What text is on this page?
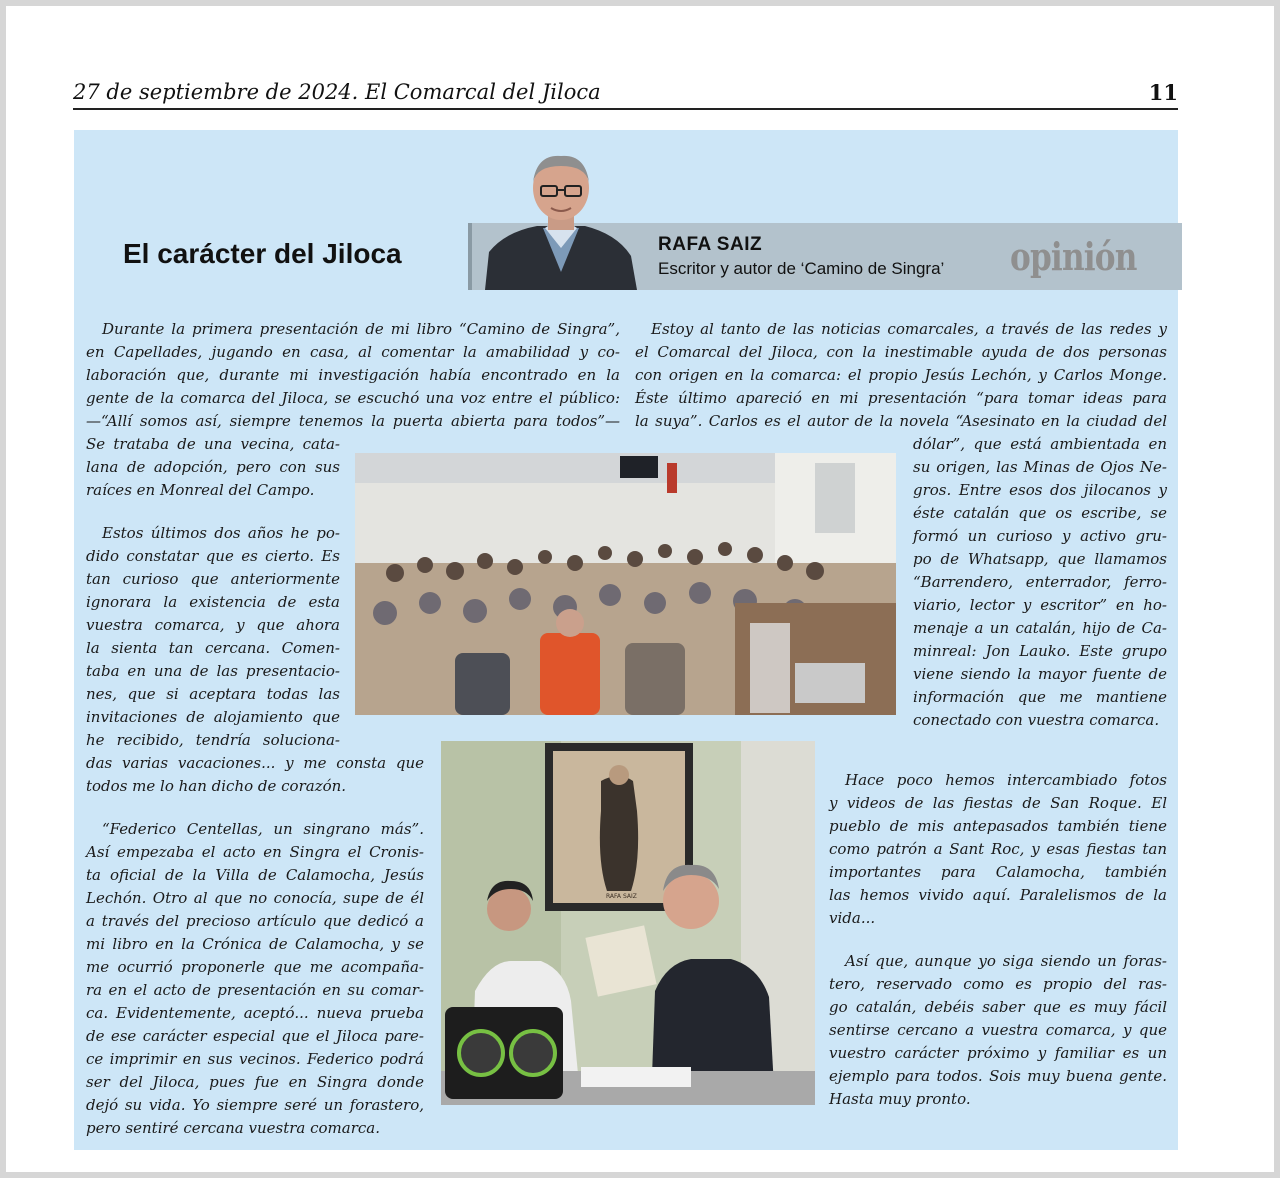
27 de septiembre de 2024. El Comarcal del Jiloca	11
El carácter del Jiloca	RAFA SAIZ
Escritor y autor de ‘Camino de Singra’ opinión
RAFA SAIZ
Durante la primera presentación de mi libro “Camino de Singra”,
en Capellades, jugando en casa, al comentar la amabilidad y co-
laboración que, durante mi investigación había encontrado en la
gente de la comarca del Jiloca, se escuchó una voz entre el público:
—“Allí somos así, siempre tenemos la puerta abierta para todos”—
Se trataba de una vecina, cata-
lana de adopción, pero con sus
raíces en Monreal del Campo.
Estos últimos dos años he po-
dido constatar que es cierto. Es
tan curioso que anteriormente
ignorara la existencia de esta
vuestra comarca, y que ahora
la sienta tan cercana. Comen-
taba en una de las presentacio-
nes, que si aceptara todas las
invitaciones de alojamiento que
he recibido, tendría soluciona-
das varias vacaciones... y me consta que
todos me lo han dicho de corazón.
“Federico Centellas, un singrano más”.
Así empezaba el acto en Singra el Cronis-
ta oficial de la Villa de Calamocha, Jesús
Lechón. Otro al que no conocía, supe de él
a través del precioso artículo que dedicó a
mi libro en la Crónica de Calamocha, y se
me ocurrió proponerle que me acompaña-
ra en el acto de presentación en su comar-
ca. Evidentemente, aceptó... nueva prueba
de ese carácter especial que el Jiloca pare-
ce imprimir en sus vecinos. Federico podrá
ser del Jiloca, pues fue en Singra donde
dejó su vida. Yo siempre seré un forastero,
pero sentiré cercana vuestra comarca.
Estoy al tanto de las noticias comarcales, a través de las redes y
el Comarcal del Jiloca, con la inestimable ayuda de dos personas
con origen en la comarca: el propio Jesús Lechón, y Carlos Monge.
Éste último apareció en mi presentación “para tomar ideas para
la suya”. Carlos es el autor de la novela “Asesinato en la ciudad del
dólar”, que está ambientada en
su origen, las Minas de Ojos Ne-
gros. Entre esos dos jilocanos y
éste catalán que os escribe, se
formó un curioso y activo gru-
po de Whatsapp, que llamamos
“Barrendero, enterrador, ferro-
viario, lector y escritor” en ho-
menaje a un catalán, hijo de Ca-
minreal: Jon Lauko. Este grupo
viene siendo la mayor fuente de
información que me mantiene
conectado con vuestra comarca.
Hace poco hemos intercambiado fotos
y videos de las fiestas de San Roque. El
pueblo de mis antepasados también tiene
como patrón a Sant Roc, y esas fiestas tan
importantes para Calamocha, también
las hemos vivido aquí. Paralelismos de la
vida...
Así que, aunque yo siga siendo un foras-
tero, reservado como es propio del ras-
go catalán, debéis saber que es muy fácil
sentirse cercano a vuestra comarca, y que
vuestro carácter próximo y familiar es un
ejemplo para todos. Sois muy buena gente.
Hasta muy pronto.
